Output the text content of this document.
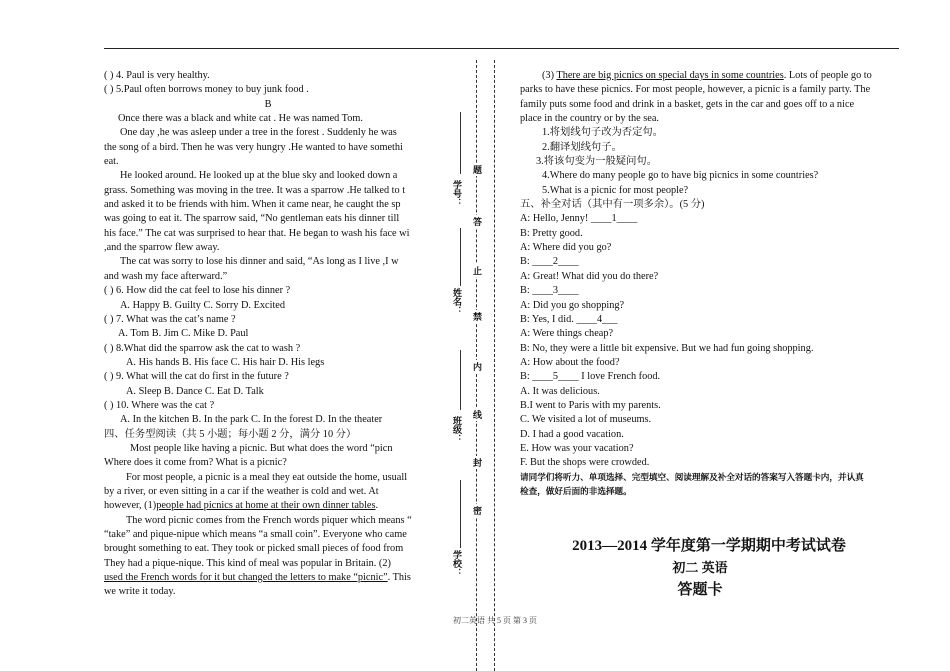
( ) 4. Paul is very healthy.
( ) 5.Paul often borrows money to buy junk food .
B
Once there was a black and white cat . He was named Tom.
One day ,he was asleep under a tree in the forest . Suddenly he was
the song of a bird. Then he was very hungry .He wanted to have somethi
eat.
He looked around. He looked up at the blue sky and looked down a
grass. Something was moving in the tree. It was a sparrow .He talked to t
and asked it to be friends with him. When it came near, he caught the sp
was going to eat it. The sparrow said, “No gentleman eats his dinner till
his face.” The cat was surprised to hear that. He began to wash his face wi
,and the sparrow flew away.
The cat was sorry to lose his dinner and said, “As long as I live ,I w
and wash my face afterward.”
( ) 6. How did the cat feel to lose his dinner ?
A. Happy B. Guilty C. Sorry D. Excited
( ) 7. What was the cat’s name ?
A. Tom B. Jim C. Mike D. Paul
( ) 8.What did the sparrow ask the cat to wash ?
A. His hands B. His face C. His hair D. His legs
( ) 9. What will the cat do first in the future ?
A. Sleep B. Dance C. Eat D. Talk
( ) 10. Where was the cat ?
A. In the kitchen B. In the park C. In the forest D. In the theater
四、任务型阅读（共 5 小题；每小题 2 分，满分 10 分）
Most people like having a picnic. But what does the word “picn
Where does it come from? What is a picnic?
For most people, a picnic is a meal they eat outside the home, usuall
by a river, or even sitting in a car if the weather is cold and wet. At
however, (1)people had picnics at home at their own dinner tables.
The word picnic comes from the French words piquer which means “
“take” and pique-nipue which means “a small coin”. Everyone who came
brought something to eat. They took or picked small pieces of food from
They had a pique-nique. This kind of meal was popular in Britain. (2)
used the French words for it but changed the letters to make “picnic”. This
we write it today.
题
答
止
禁
内
线
封
密
学号：
姓名：
班级：
学校：
(3) There are big picnics on special days in some countries. Lots of people go to
parks to have these picnics. For most people, however, a picnic is a family party. The
family puts some food and drink in a basket, gets in the car and goes off to a nice
place in the country or by the sea.
1.将划线句子改为否定句。
2.翻译划线句子。
3.将该句变为一般疑问句。
4.Where do many people go to have big picnics in some countries?
5.What is a picnic for most people?
五、补全对话（其中有一项多余）。(5 分)
A: Hello, Jenny! ____1____
B: Pretty good.
A: Where did you go?
B: ____2____
A: Great! What did you do there?
B: ____3____
A: Did you go shopping?
B: Yes, I did. ____4___
A: Were things cheap?
B: No, they were a little bit expensive. But we had fun going shopping.
A: How about the food?
B: ____5____ I love French food.
A. It was delicious.
B.I went to Paris with my parents.
C. We visited a lot of museums.
D. I had a good vacation.
E. How was your vacation?
F. But the shops were crowded.
请同学们将听力、单项选择、完型填空、阅读理解及补全对话的答案写入答题卡内，并认真
检查，做好后面的非选择题。
2013—2014 学年度第一学期期中考试试卷
初二 英语
答题卡
初二英语 共 5 页 第 3 页
